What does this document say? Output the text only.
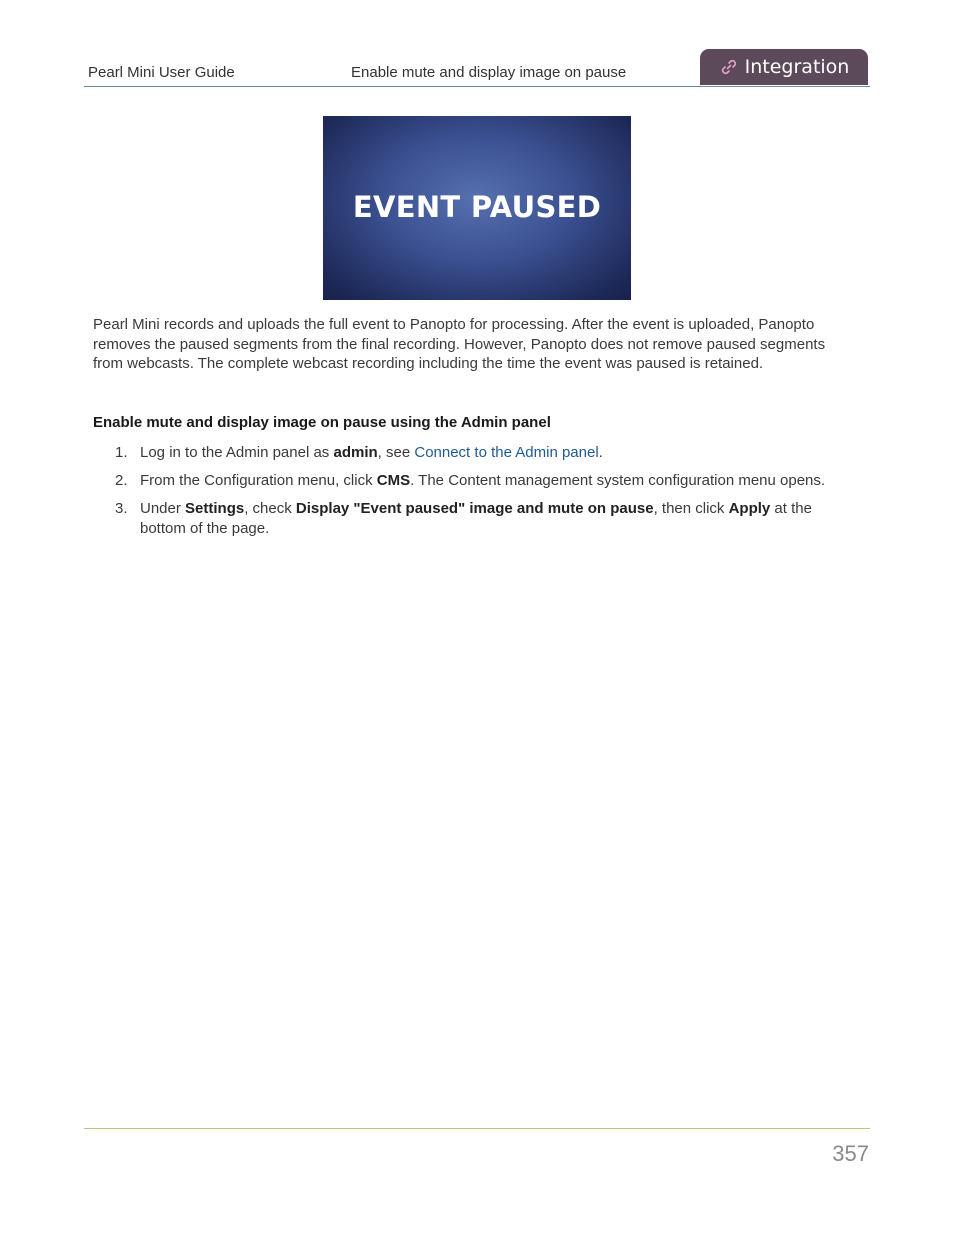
Pearl Mini User Guide	Enable mute and display image on pause	Integration
EVENT PAUSED

Pearl Mini records and uploads the full event to Panopto for processing. After the event is uploaded, Panopto removes the paused segments from the final recording. However, Panopto does not remove paused segments from webcasts. The complete webcast recording including the time the event was paused is retained.

Enable mute and display image on pause using the Admin panel

1. Log in to the Admin panel as admin, see Connect to the Admin panel.
2. From the Configuration menu, click CMS. The Content management system configuration menu opens.
3. Under Settings, check Display "Event paused" image and mute on pause, then click Apply at the bottom of the page.
357
